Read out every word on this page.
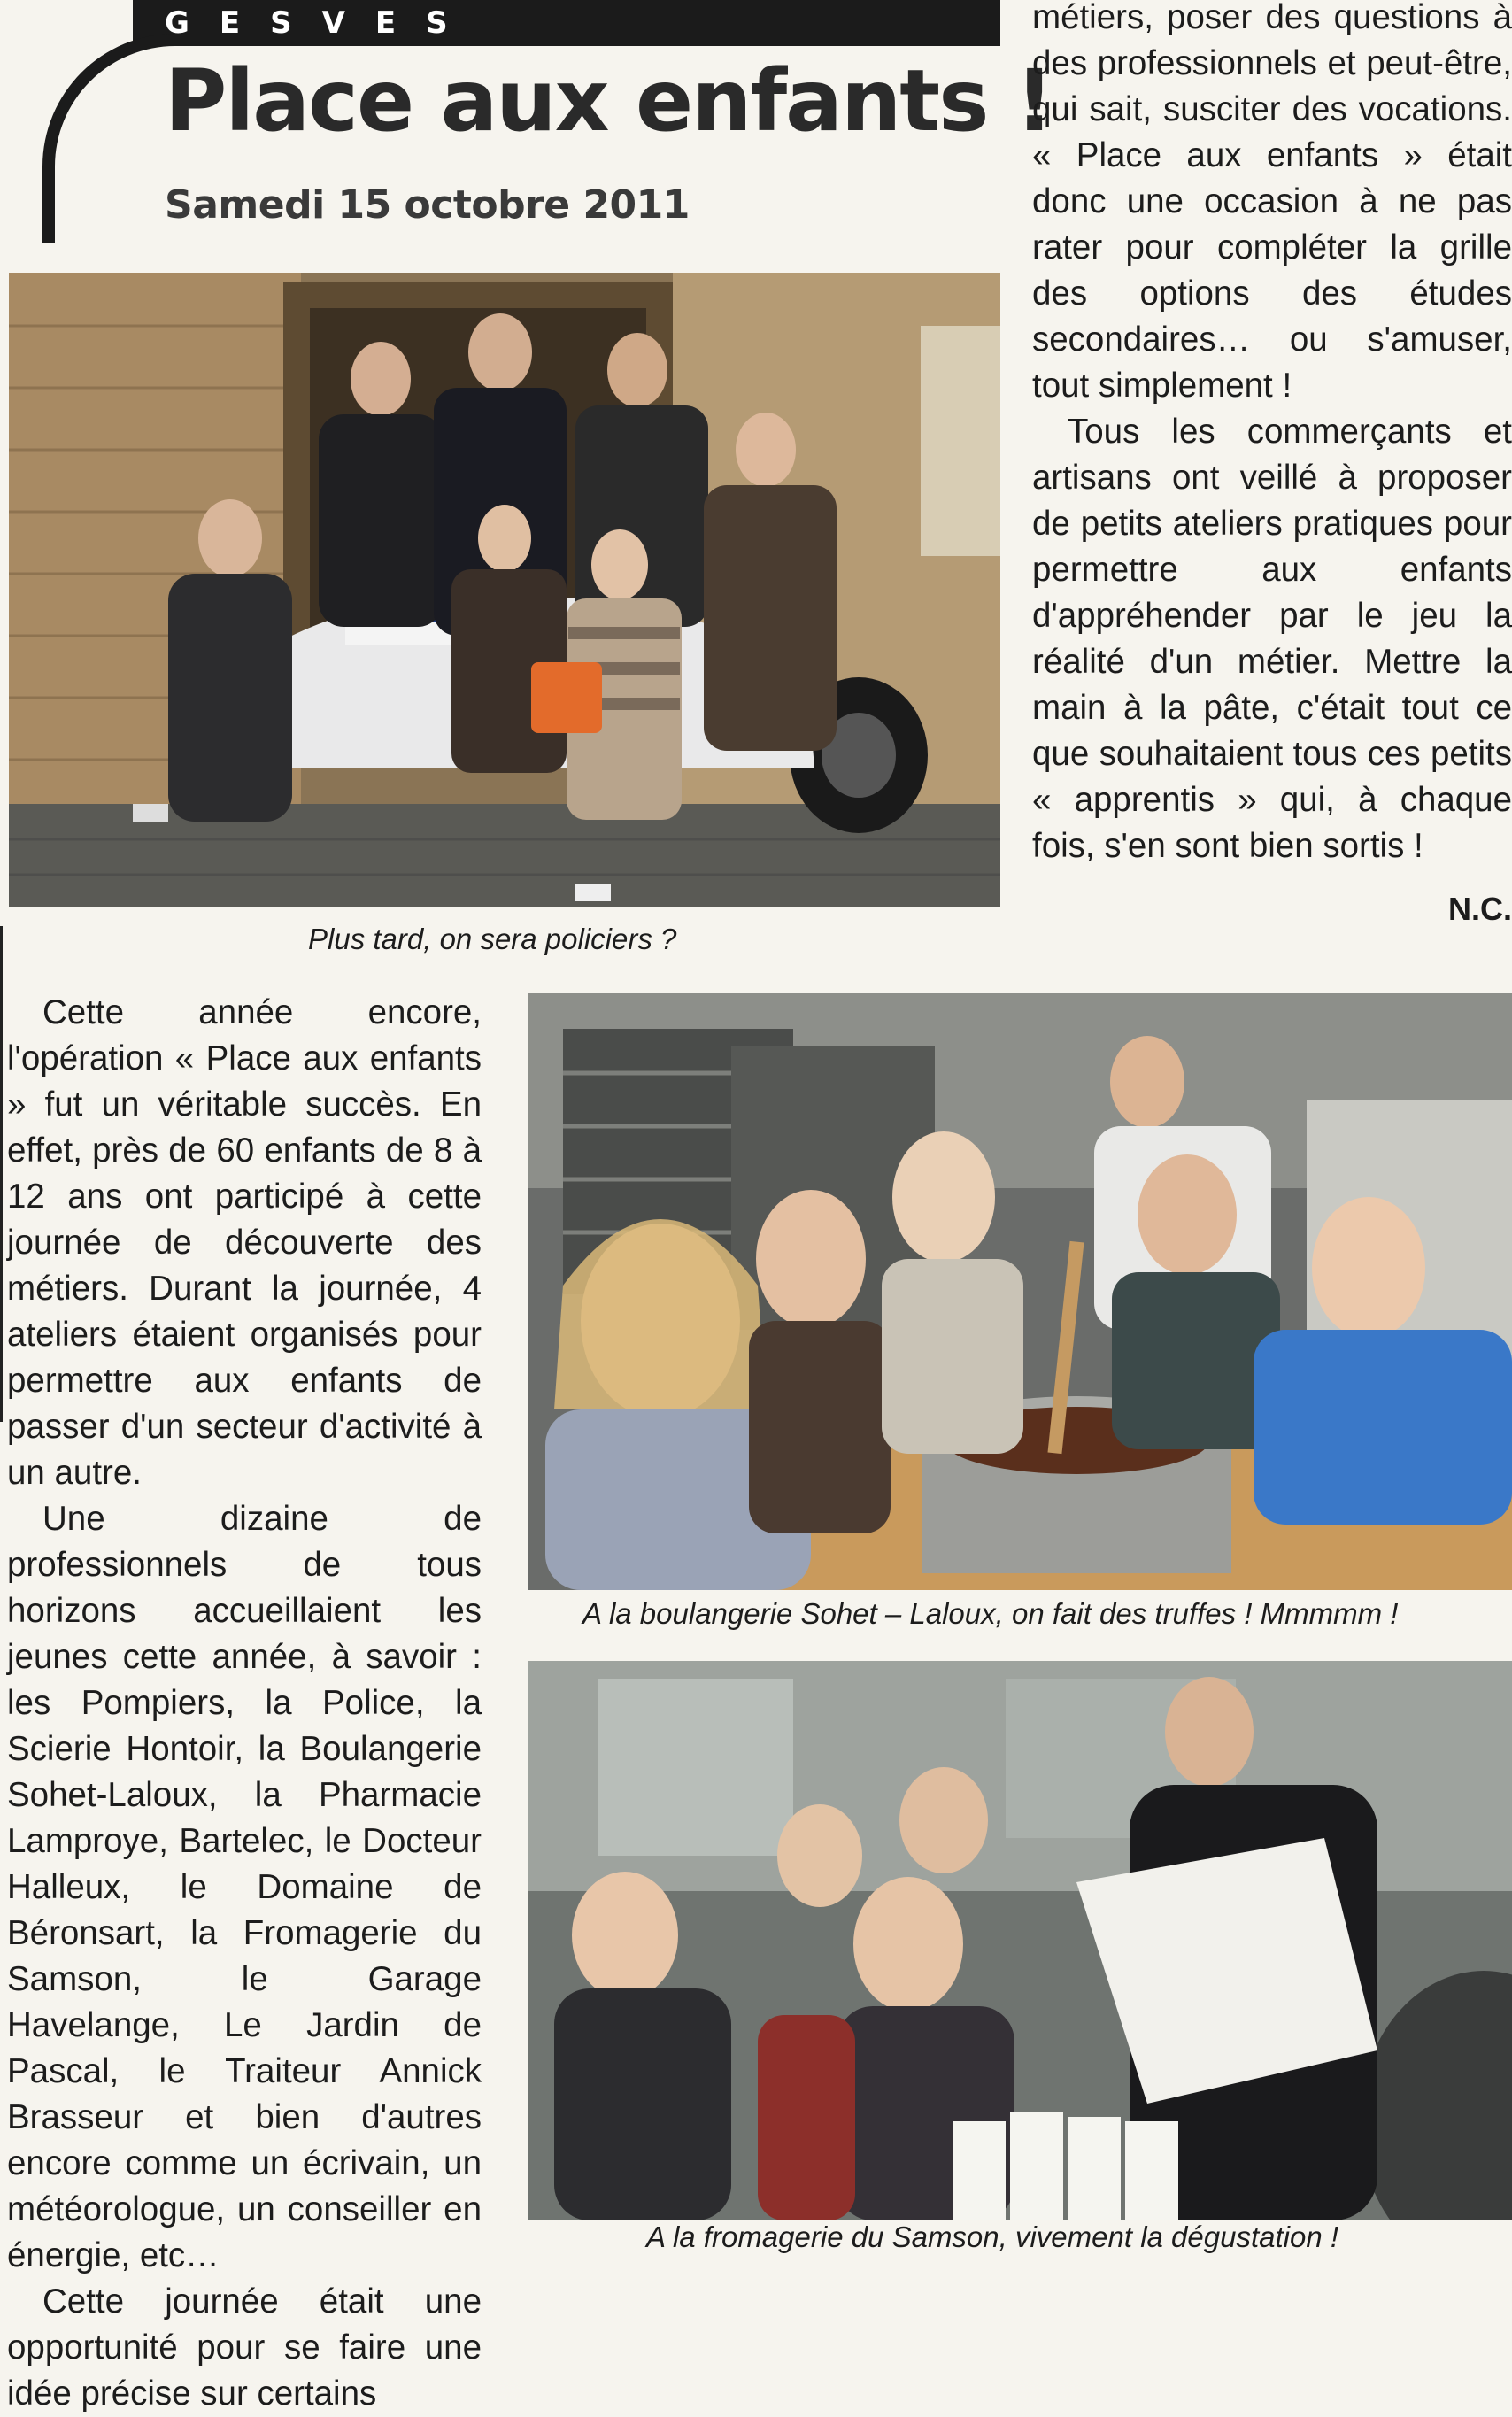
GESVES
Place aux enfants !
Samedi 15 octobre 2011
Plus tard, on sera policiers ?
A la boulangerie Sohet – Laloux, on fait des truffes ! Mmmmm !
A la fromagerie du Samson, vivement la dégustation !

métiers, poser des questions à des professionnels et peut-être, qui sait, susciter des vocations. « Place aux enfants » était donc une occasion à ne pas rater pour compléter la grille des options des études secondaires… ou s'amuser, tout simplement !

Tous les commerçants et artisans ont veillé à proposer de petits ateliers pratiques pour permettre aux enfants d'appréhender par le jeu la réalité d'un métier. Mettre la main à la pâte, c'était tout ce que souhaitaient tous ces petits « apprentis » qui, à chaque fois, s'en sont bien sortis !

N.C.

Cette année encore, l'opération « Place aux enfants » fut un véritable succès. En effet, près de 60 enfants de 8 à 12 ans ont participé à cette journée de découverte des métiers. Durant la journée, 4 ateliers étaient organisés pour permettre aux enfants de passer d'un secteur d'activité à un autre.

Une dizaine de professionnels de tous horizons accueillaient les jeunes cette année, à savoir : les Pompiers, la Police, la Scierie Hontoir, la Boulangerie Sohet-Laloux, la Pharmacie Lamproye, Bartelec, le Docteur Halleux, le Domaine de Béronsart, la Fromagerie du Samson, le Garage Havelange, Le Jardin de Pascal, le Traiteur Annick Brasseur et bien d'autres encore comme un écrivain, un météorologue, un conseiller en énergie, etc…

Cette journée était une opportunité pour se faire une idée précise sur certains
